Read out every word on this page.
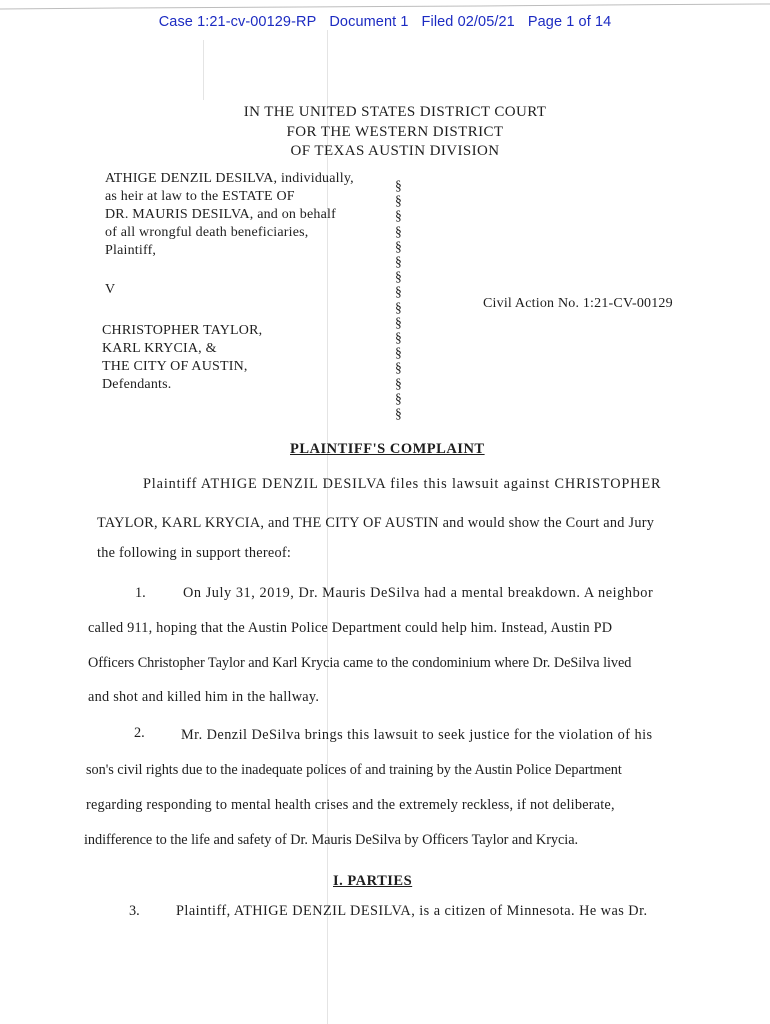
Case 1:21-cv-00129-RP Document 1 Filed 02/05/21 Page 1 of 14
IN THE UNITED STATES DISTRICT COURT
FOR THE WESTERN DISTRICT
OF TEXAS AUSTIN DIVISION
ATHIGE DENZIL DESILVA, individually,
as heir at law to the ESTATE OF
DR. MAURIS DESILVA, and on behalf
of all wrongful death beneficiaries,
Plaintiff,
V
CHRISTOPHER TAYLOR,
KARL KRYCIA, &
THE CITY OF AUSTIN,
Defendants.
§
§
§
§
§
§
§
§
§
§
§
§
§
§
§
§
Civil Action No. 1:21-CV-00129
PLAINTIFF'S COMPLAINT
Plaintiff ATHIGE DENZIL DESILVA files this lawsuit against CHRISTOPHER
TAYLOR, KARL KRYCIA, and THE CITY OF AUSTIN and would show the Court and Jury
the following in support thereof:
1.	On July 31, 2019, Dr. Mauris DeSilva had a mental breakdown. A neighbor
called 911, hoping that the Austin Police Department could help him. Instead, Austin PD
Officers Christopher Taylor and Karl Krycia came to the condominium where Dr. DeSilva lived
and shot and killed him in the hallway.
2.	Mr. Denzil DeSilva brings this lawsuit to seek justice for the violation of his
son's civil rights due to the inadequate polices of and training by the Austin Police Department
regarding responding to mental health crises and the extremely reckless, if not deliberate,
indifference to the life and safety of Dr. Mauris DeSilva by Officers Taylor and Krycia.
I. PARTIES
3.	Plaintiff, ATHIGE DENZIL DESILVA, is a citizen of Minnesota. He was Dr.
